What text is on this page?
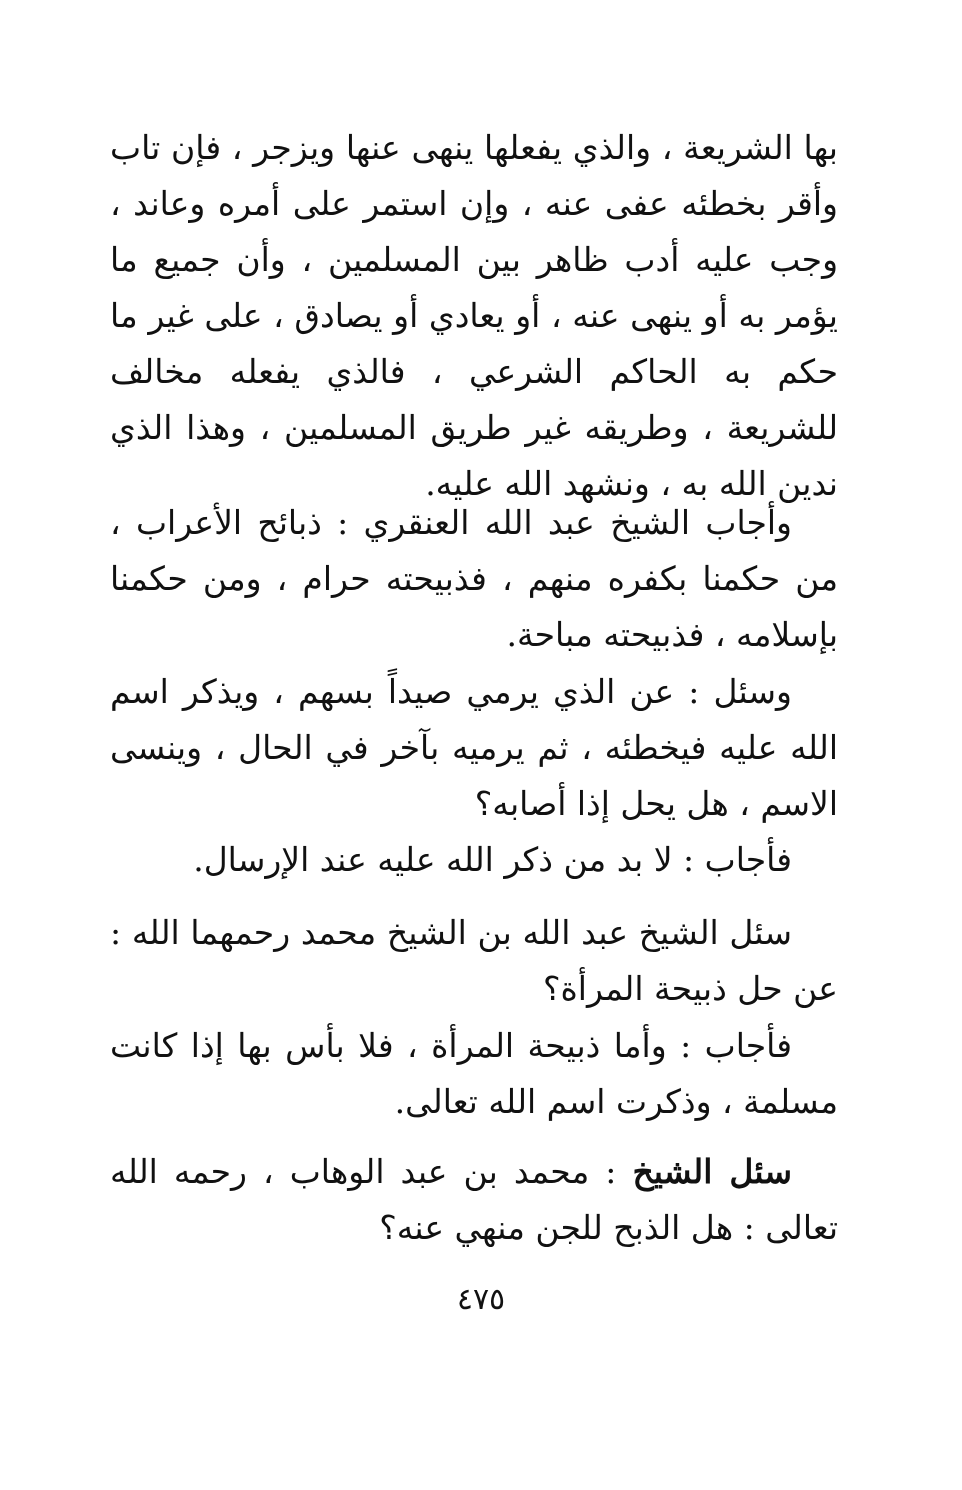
بها الشريعة ، والذي يفعلها ينهى عنها ويزجر ، فإن تاب وأقر بخطئه عفى عنه ، وإن استمر على أمره وعاند ، وجب عليه أدب ظاهر بين المسلمين ، وأن جميع ما يؤمر به أو ينهى عنه ، أو يعادي أو يصادق ، على غير ما حكم به الحاكم الشرعي ، فالذي يفعله مخالف للشريعة ، وطريقه غير طريق المسلمين ، وهذا الذي ندين الله به ، ونشهد الله عليه.

وأجاب الشيخ عبد الله العنقري : ذبائح الأعراب ، من حكمنا بكفره منهم ، فذبيحته حرام ، ومن حكمنا بإسلامه ، فذبيحته مباحة.

وسئل : عن الذي يرمي صيداً بسهم ، ويذكر اسم الله عليه فيخطئه ، ثم يرميه بآخر في الحال ، وينسى الاسم ، هل يحل إذا أصابه؟

فأجاب : لا بد من ذكر الله عليه عند الإرسال.

سئل الشيخ عبد الله بن الشيخ محمد رحمهما الله : عن حل ذبيحة المرأة؟

فأجاب : وأما ذبيحة المرأة ، فلا بأس بها إذا كانت مسلمة ، وذكرت اسم الله تعالى.

سئل الشيخ : محمد بن عبد الوهاب ، رحمه الله تعالى : هل الذبح للجن منهي عنه؟

٤٧٥
